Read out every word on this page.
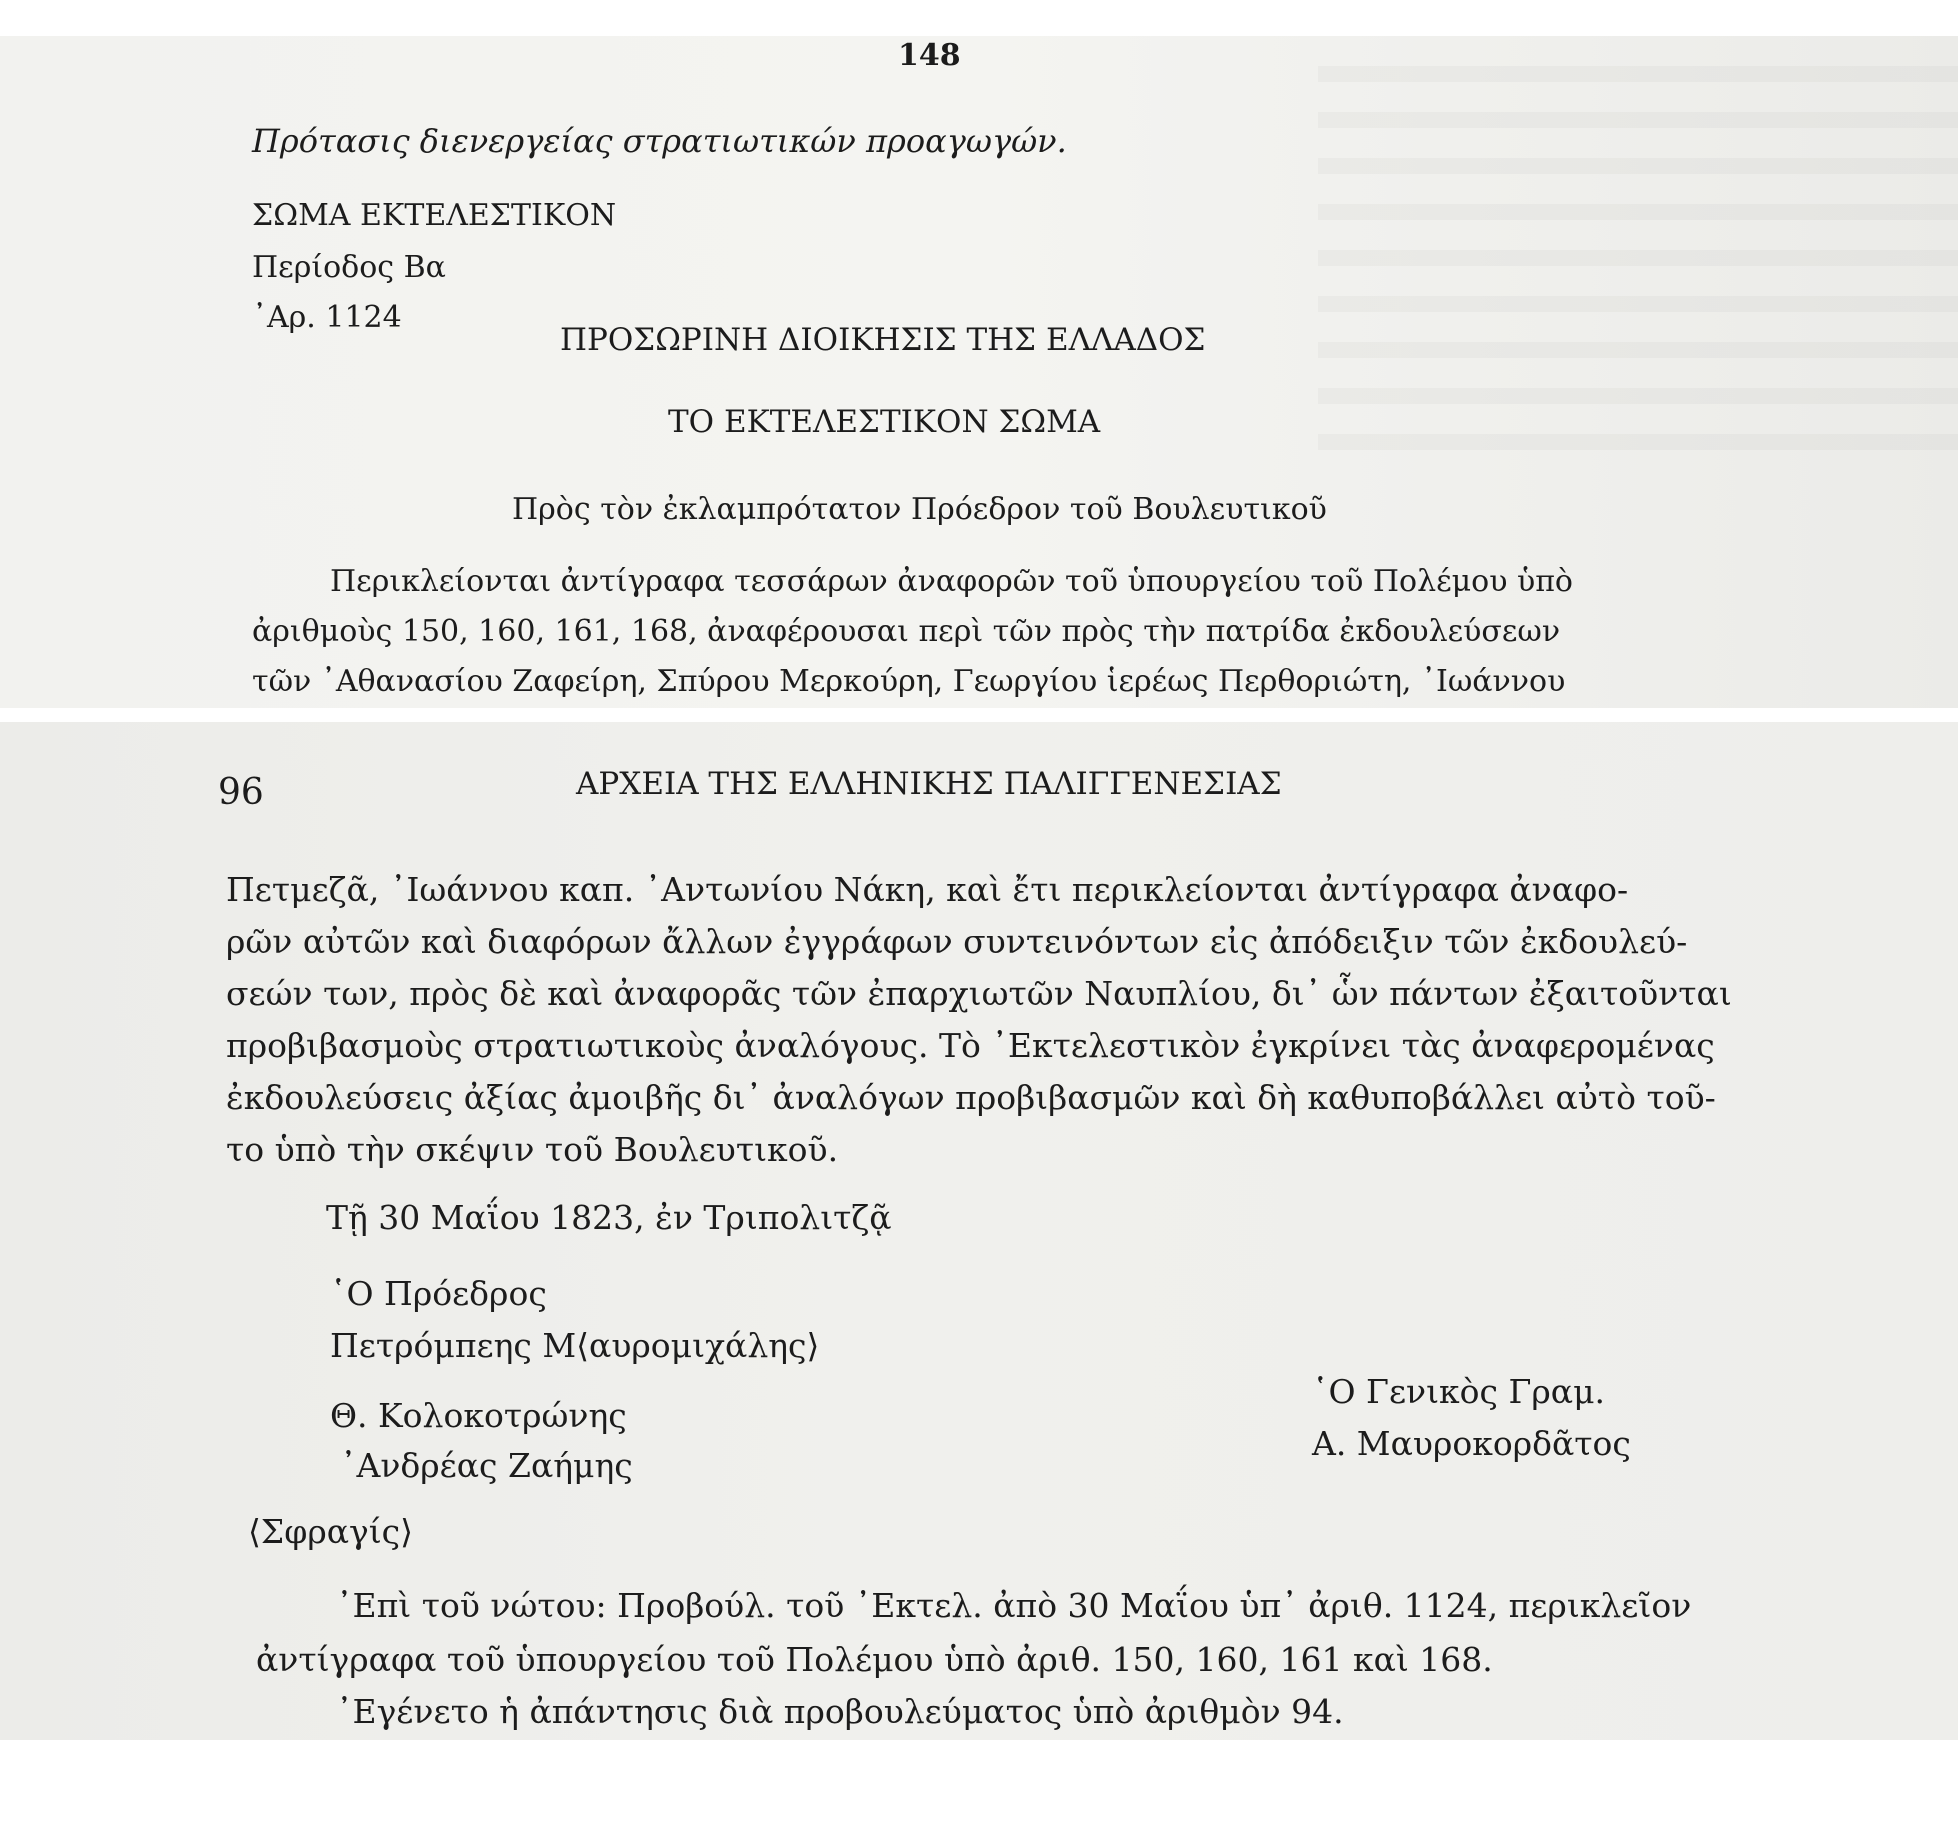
148
Πρότασις διενεργείας στρατιωτικών προαγωγών.
ΣΩΜΑ ΕΚΤΕΛΕΣΤΙΚΟΝ
Περίοδος Βα
᾿Αρ. 1124
ΠΡΟΣΩΡΙΝΗ ΔΙΟΙΚΗΣΙΣ ΤΗΣ ΕΛΛΑΔΟΣ
ΤΟ ΕΚΤΕΛΕΣΤΙΚΟΝ ΣΩΜΑ
Πρὸς τὸν ἐκλαμπρότατον Πρόεδρον τοῦ Βουλευτικοῦ
Περικλείονται ἀντίγραφα τεσσάρων ἀναφορῶν τοῦ ὑπουργείου τοῦ Πολέμου ὑπὸ
ἀριθμοὺς 150, 160, 161, 168, ἀναφέρουσαι περὶ τῶν πρὸς τὴν πατρίδα ἐκδουλεύσεων
τῶν ᾿Αθανασίου Ζαφείρη, Σπύρου Μερκούρη, Γεωργίου ἱερέως Περθοριώτη, ᾿Ιωάννου
96	ΑΡΧΕΙΑ ΤΗΣ ΕΛΛΗΝΙΚΗΣ ΠΑΛΙΓΓΕΝΕΣΙΑΣ
Πετμεζᾶ, ᾿Ιωάννου καπ. ᾿Αντωνίου Νάκη, καὶ ἔτι περικλείονται ἀντίγραφα ἀναφο-
ρῶν αὐτῶν καὶ διαφόρων ἄλλων ἐγγράφων συντεινόντων εἰς ἀπόδειξιν τῶν ἐκδουλεύ-
σεών των, πρὸς δὲ καὶ ἀναφορᾶς τῶν ἐπαρχιωτῶν Ναυπλίου, δι᾿ ὧν πάντων ἐξαιτοῦνται
προβιβασμοὺς στρατιωτικοὺς ἀναλόγους. Τὸ ᾿Εκτελεστικὸν ἐγκρίνει τὰς ἀναφερομένας
ἐκδουλεύσεις ἀξίας ἀμοιβῆς δι᾿ ἀναλόγων προβιβασμῶν καὶ δὴ καθυποβάλλει αὐτὸ τοῦ-
το ὑπὸ τὴν σκέψιν τοῦ Βουλευτικοῦ.
Τῇ 30 Μαΐου 1823, ἐν Τριπολιτζᾷ
῾Ο Πρόεδρος
Πετρόμπεης Μ⟨αυρομιχάλης⟩
Θ. Κολοκοτρώνης
᾿Ανδρέας Ζαήμης
῾Ο Γενικὸς Γραμ.
Α. Μαυροκορδᾶτος
⟨Σφραγίς⟩
᾿Επὶ τοῦ νώτου: Προβούλ. τοῦ ᾿Εκτελ. ἀπὸ 30 Μαΐου ὑπ᾿ ἀριθ. 1124, περικλεῖον
ἀντίγραφα τοῦ ὑπουργείου τοῦ Πολέμου ὑπὸ ἀριθ. 150, 160, 161 καὶ 168.
᾿Εγένετο ἡ ἀπάντησις διὰ προβουλεύματος ὑπὸ ἀριθμὸν 94.
